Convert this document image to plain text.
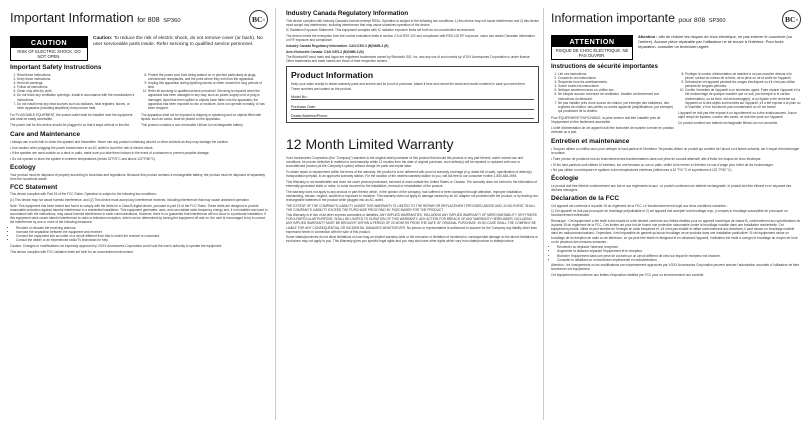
Important Information for 808 SP360	BC ®
CAUTION
RISK OF ELECTRIC SHOCK. DO NOT OPEN.
Caution: To reduce the risk of electric shock, do not remove cover (or back). No user serviceable parts inside. Refer servicing to qualified service personnel.
Important Safety Instructions
1. Read these instructions.
2. Keep these instructions.
3. Heed all warnings.
4. Follow all instructions.
5. Clean only with dry cloth.
6. Do not block any ventilation openings. Install in accordance with the manufacturer's instructions.
7. Do not install near any heat sources such as radiators, heat registers, stoves, or other apparatus (including amplifiers) that produce heat.

For PLUGGABLE EQUIPMENT, the socket-outlet shall be installed near the equipment and shall be easily accessible.

The power unit for this device should be plugged in so that it stays vertical or lies flat.

8. Protect the power cord from being walked on or pinched particularly at plugs, convenience receptacles, and the point where they exit from the apparatus.
9. Unplug this apparatus during lightning storms or when unused for long periods of time.
10. Refer all servicing to qualified service personnel. Servicing is required when the apparatus has been damaged in any way, such as power-supply cord or plug is damaged, liquid has been spilled or objects have fallen into the apparatus, the apparatus has been exposed to rain or moisture, does not operate normally, or has been dropped.

The apparatus shall not be exposed to dripping or splashing and no objects filled with liquids, such as vases, shall be placed on the apparatus.

This product contains a non-removable Lithium Ion rechargeable battery.

Care and Maintenance

• Always use a soft cloth to clean the speaker and transmitter. Never use any product containing alcohol or other solvents as they may damage the surface.

• Use caution when plugging the power transformers in an AC outlet to avoid the risk of electric shock.

• If the speaker are used outside on a deck or patio, make sure you take them indoors in the event of a rainstorm to prevent possible damage.

• Do not operate or store the system in extreme temperatures (below 32°F/0°C and above 122°F/50°C).

Ecology

Your product must be disposed of properly according to local laws and regulations. Because this product contains a rechargeable battery, the product must be disposed of separately from the household waste.

FCC Statement

This device complies with Part 15 of the FCC Rules. Operation is subject to the following two conditions:

(1) This device may not cause harmful interference, and (2) This device must accept any interference received, including interference that may cause undesired operation.

Note: This equipment has been tested and found to comply with the limits for a Class B digital device, pursuant to part 15 of the FCC Rules. These limits are designed to provide reasonable protection against harmful interference in a residential installation. This equipment generates, uses, and can radiate radio frequency energy and, if not installed and used in accordance with the instructions, may cause harmful interference to radio communications. However, there is no guarantee that interference will not occur in a particular installation. If this equipment does cause harmful interference to radio or television reception, which can be determined by turning the equipment off and on, the user is encouraged to try to correct the interference by one or more of the following measures:

• Reorient or relocate the receiving antenna.
• Increase the separation between the equipment and receiver.
• Connect the equipment into an outlet on a circuit different from that to which the receiver is connected.
• Consult the dealer or an experienced radio/TV technician for help.

Caution: Changes or modifications not expressly approved by VOXX Accessories Corporation could void the user's authority to operate the equipment.

This device complies with FCC radiation limits set forth for an uncontrolled environment.

Industry Canada Regulatory Information

This device complies with Industry Canada's license-exempt RSSs. Operation is subject to the following two conditions: 1) this device may not cause interference and 2) this device must accept any interference, including interference that may cause undesired operation of the device.

IC Radiation Exposure Statement: This equipment complies with IC radiation exposure limits set forth for an uncontrolled environment.

The device meets the exemption from the routine evaluation limits in section 2.5 of RSS 102 and compliance with RSS-102 RF exposure, users can obtain Canadian information on RF exposure and compliance.

Industry Canada Regulatory Information: CAN ICES-3 (B)/NMB-3 (B)

Avis d'Industrie Canada: CAN ICES-3 (B)/NMB-3 (B)

The Bluetooth® word mark and logos are registered trademarks owned by Bluetooth SIG, Inc. and any use of such marks by VOXX Accessories Corporation is under license. Other trademarks and trade names are those of their respective owners.

Product Information

Keep your sales receipt to obtain warranty parts and service and for proof of purchase. Attach it here and record the serial and model numbers in case you need them. These numbers are located on the product.

Model No.:
Purchase Date:
Dealer/Address/Phone:
12 Month Limited Warranty

Voxx Accessories Corporation (the "Company") warrants to the original retail purchaser of this product that should this product or any part thereof, under normal use and conditions, be proven defective in material or workmanship within 12 months from the date of original purchase, such defect(s) will be repaired or replaced with new or reconditioned product (at the Company's option) without charge for parts and repair labor.

To obtain repair or replacement within the terms of the warranty, the product is to be delivered with proof of warranty coverage (e.g. dated bill of sale), specification of defect(s), transportation prepaid, to an approved warranty station. For the location of the nearest warranty station to you, call toll-free to our consumer hotline 1-800-645-4994.

This Warranty is not transferable and does not cover product purchased, serviced or used outside the United States or Canada. The warranty does not extend to the elimination of externally generated static or noise, to costs incurred for the installation, removal or reinstallation of the product.

The warranty does not apply to any product or part thereof which, in the opinion of the company, has suffered or been damaged through alteration, improper installation, mishandling, misuse, neglect, accident or exposure to moisture. This warranty does not apply to damage caused by an AC adapter not provided with the product, or by leaving non-rechargeable batteries in the product while plugged into an AC outlet.

THE EXTENT OF THE COMPANY'S LIABILITY UNDER THIS WARRANTY IS LIMITED TO THE REPAIR OR REPLACEMENT PROVIDED ABOVE AND, IN NO EVENT, SHALL THE COMPANY'S LIABILITY EXCEED THE PURCHASE PRICE PAID BY PURCHASER FOR THE PRODUCT.

This Warranty is in lieu of all other express warranties or liabilities. ANY IMPLIED WARRANTIES, INCLUDING ANY IMPLIED WARRANTY OF MERCHANTABILITY OR FITNESS FOR A PARTICULAR PURPOSE, SHALL BE LIMITED TO DURATION OF THIS WARRANTY. ANY ACTION FOR BREACH OF ANY WARRANTY HEREUNDER, INCLUDING ANY IMPLIED WARRANTY MUST BE BROUGHT WITHIN A PERIOD OF 24 MONTHS FROM THE DATE OF ORIGINAL PURCHASE. IN NO CASE SHALL THE COMPANY BE LIABLE FOR ANY CONSEQUENTIAL OR INCIDENTAL DAMAGES WHATSOEVER. No person or representative is authorized to assume for the Company any liability other than expressed herein in connection with the sale of this product.

Some states/provinces do not allow limitations on how long an implied warranty lasts or the exclusion or limitation of incidental or consequential damage so the above limitations or exclusions may not apply to you. This Warranty gives you specific legal rights and you may also have other rights which vary from state/province to state/province.

Information importante pour 808 SP360	BC ®
ATTENTION
RISQUE DE CHOC ÉLECTRIQUE. NE PAS OUVRIR.
Attention : afin de réduire les risques de choc électrique, ne pas enlever le couvercle (ou l'arrière). Aucune pièce réparable par l'utilisateur ne se trouve à l'intérieur. Pour toute réparation, consulter un technicien agréé.
Instructions de sécurité importantes
1. Lire ces instructions.
2. Conserver ces instructions.
3. Respecter tous les avertissements.
4. Suivre toutes les instructions.
5. Nettoyer seulement avec un chiffon sec.
6. Ne bloquer aucune ouverture de ventilation. Installer conformément aux instructions du fabricant.
7. Ne pas installer près d'une source de chaleur, par exemple des radiateurs, des registres de chaleur, des poêles ou autres appareils (amplificateurs, par exemple) qui produisent de la chaleur.

Pour ÉQUIPEMENT ENFICHABLE, la prise secteur doit être installée près de l'équipement et être facilement accessible.

L'unité d'alimentation de cet appareil doit être branchée de manière à rester en position verticale ou à plat.

8. Protéger le cordon d'alimentation de manière à ne pas marcher dessus ni le pincer, surtout au niveau de la fiche, de la prise ou de la sortie de l'appareil.
9. Débrancher cet appareil pendant les orages électriques ou s'il n'est pas utilisé pendant de longues périodes.
10. Confier l'entretien de l'appareil à un technicien agréé. Faire réparer l'appareil s'il a été endommagé de quelque manière que ce soit, par exemple si le cordon d'alimentation, ou sa fiche, est endommagé(e), si un liquide a été renversé sur l'appareil ou si des objets sont tombés sur l'appareil, s'il a été exposé à la pluie ou à l'humidité, s'il ne fonctionne pas normalement ou s'il est tombé.

L'appareil ne doit pas être exposé à un égouttement ou à des éclaboussures. Aucun objet rempli de liquides, comme des vases, ne doit être posé sur l'appareil.

Ce produit contient une batterie rechargeable lithium-ion non amovible.

Entretien et maintenance

• Toujours utiliser un chiffon doux pour nettoyer le haut-parleur et l'émetteur. Ne jamais utiliser un produit qui contient de l'alcool ou d'autres solvants, car il risque d'endommager la surface.

• Faire preuve de prudence lors du branchement des transformateurs dans une prise de courant alternatif, afin d'éviter les risques de choc électrique.

• Si les haut-parleurs sont utilisés à l'extérieur, sur une terrasse ou sur un patio, veiller à les rentrer à l'intérieur en cas d'orage pour éviter de les endommager.

• Ne pas utiliser ou entreposer le système à des températures extrêmes (inférieures à 32 °F/0 °C et supérieures à 122 °F/50 °C).

Écologie

Le produit doit être éliminé conformément aux lois et aux règlements locaux. Le produit contenant une batterie rechargeable, le produit doit être éliminé en le séparant des déchets ménagers.

Déclaration de la FCC

Cet appareil est conforme à la partie 15 du règlement de la FCC. Le fonctionnement est sujet aux deux conditions suivantes :

1) Cet appareil ne doit pas provoquer de brouillage préjudiciable et 2) cet appareil doit accepter tout brouillage reçu, y compris le brouillage susceptible de provoquer un fonctionnement indésirable.

Remarque : Cet équipement a été testé à des essais et a été déclaré conforme aux limites établies pour un appareil numérique de classe B, conformément aux spécifications de la partie 15 du règlement de la FCC. Ces limites ont pour but de fournir une protection raisonnable contre le brouillage nuisible dans une installation résidentielle. Cet équipement produit, utilise et peut émettre de l'énergie en radio fréquence et, s'il n'est pas installé et utilisé conformément aux directives, il peut causer un brouillage nuisible dans les radiocommunications. Cependant, il est impossible de garantir qu'aucun brouillage ne se produira dans une installation particulière. Si cet équipement cause un brouillage de la réception de radio ou de télévision, ce qui peut être établi en éteignant et en rallumant l'appareil, l'utilisateur est invité à corriger le brouillage au moyen de l'une ou de plusieurs des mesures suivantes :

• Réorienter ou déplacer l'antenne réceptrice.
• Augmenter la distance séparant l'équipement et le récepteur.
• Brancher l'équipement dans une prise de courant sur un circuit différent de celui sur lequel le récepteur est branché.
• Consulter le détaillant ou un technicien expérimenté en radio/télévision.

Attention : les changements ou les modifications non expressément approuvés par VOXX Accessories Corporation peuvent annuler l'autorisation accordée à l'utilisateur de faire fonctionner cet équipement.

Cet équipement est conforme aux limites d'exposition établies par FCC pour un environnement non contrôlé.
